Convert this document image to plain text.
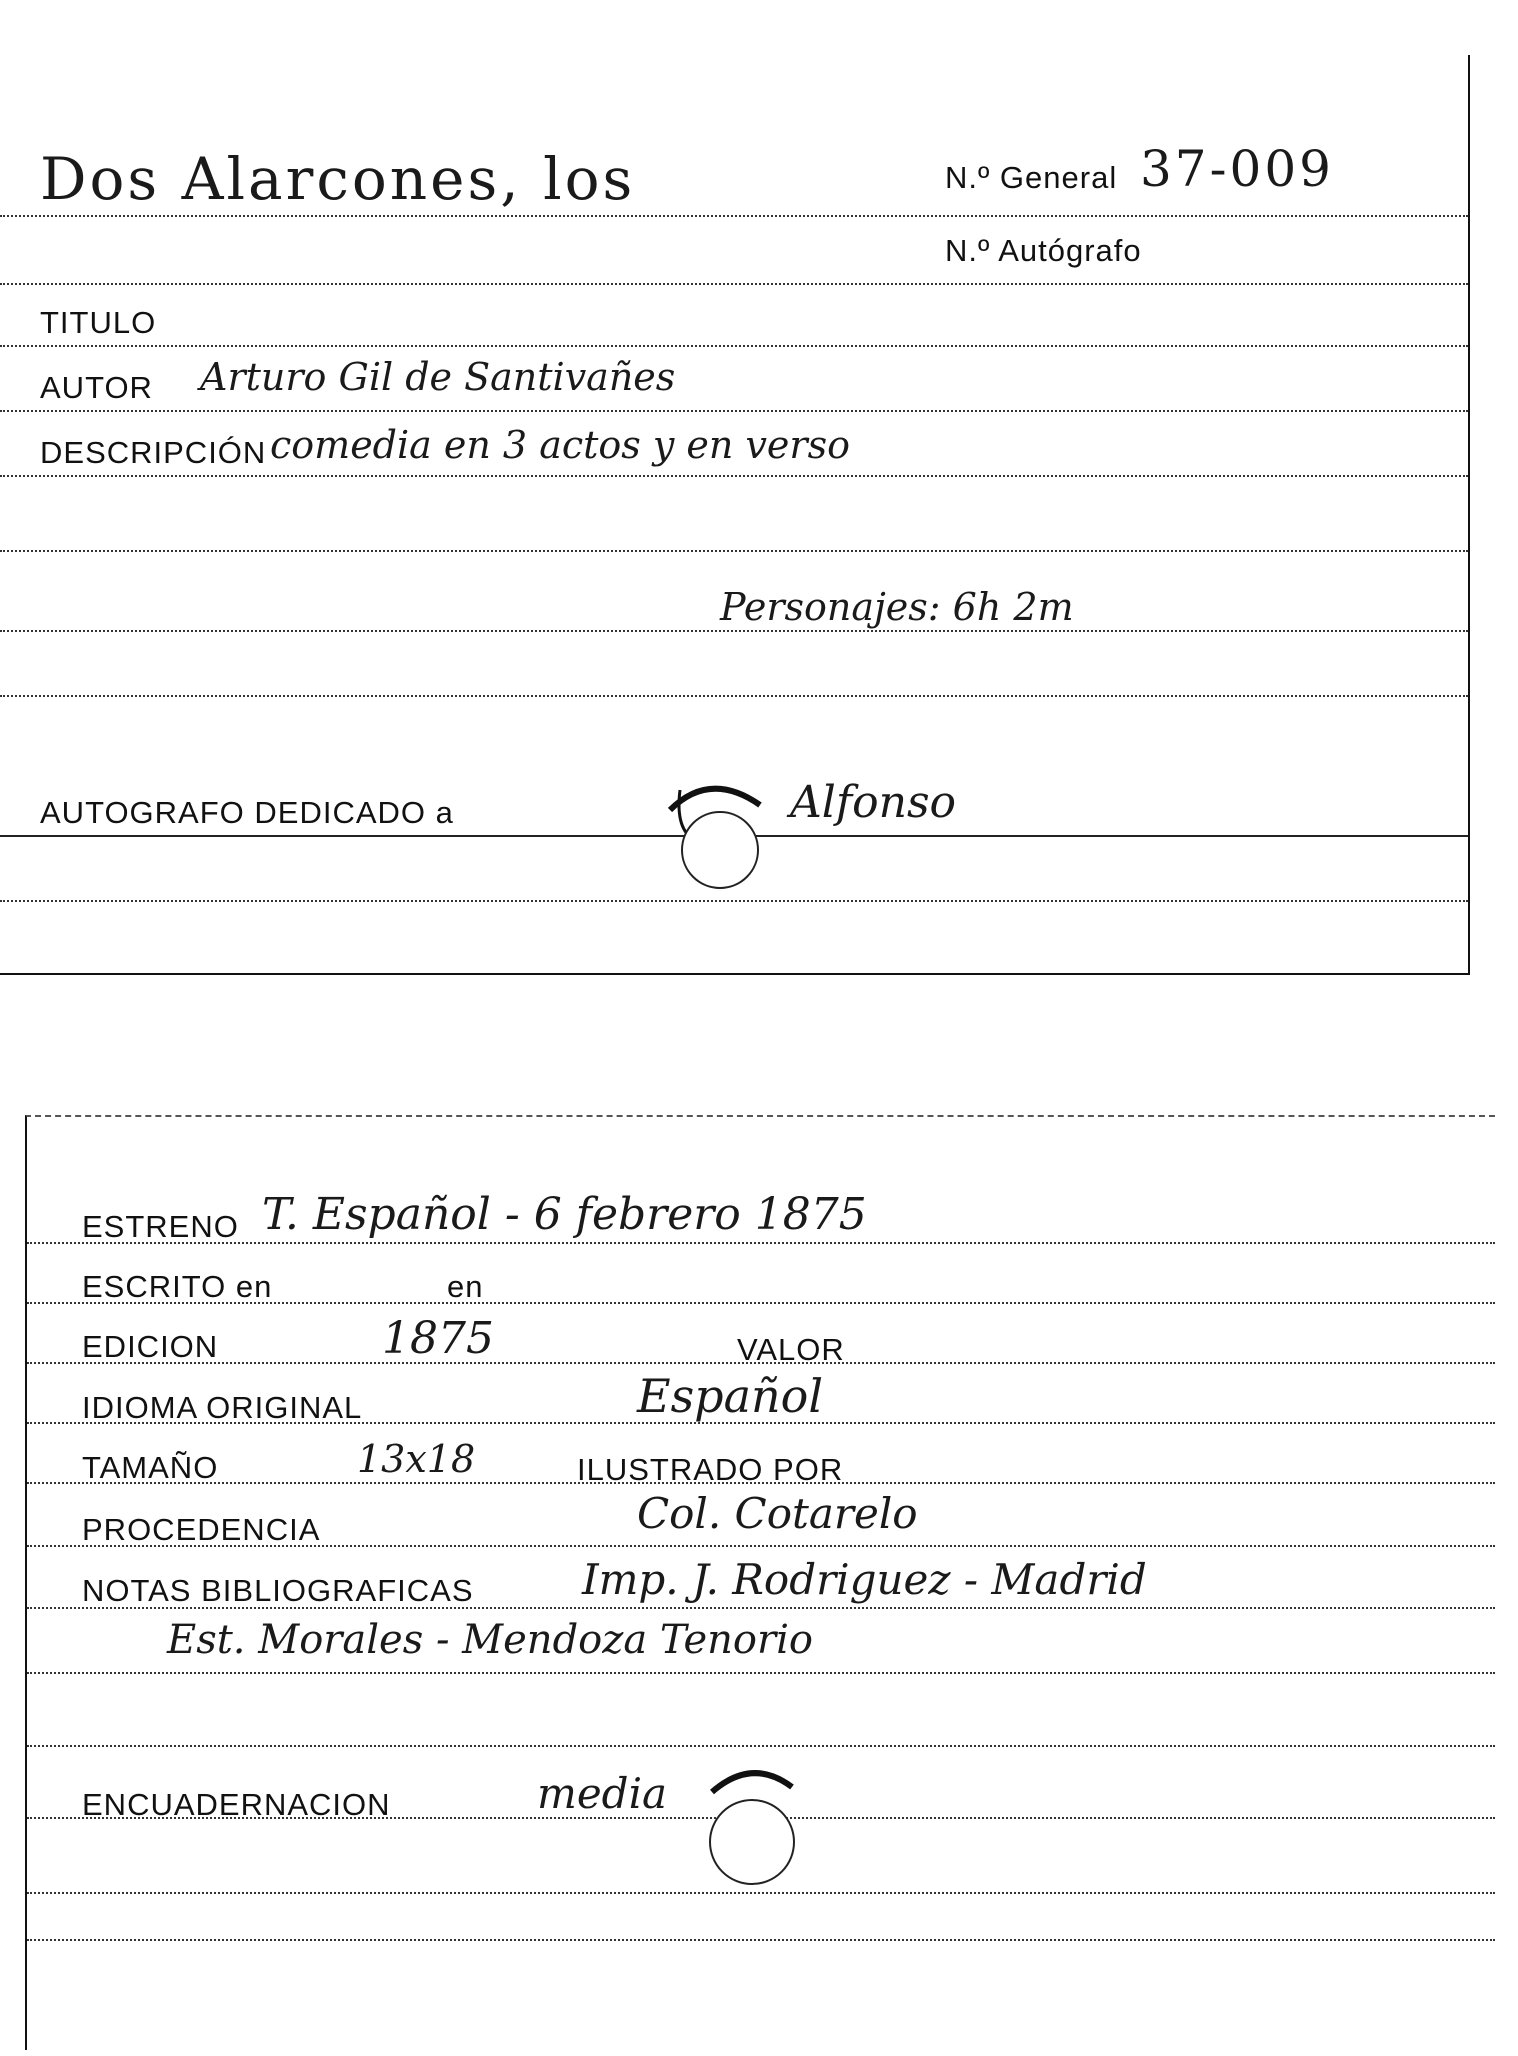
Dos Alarcones, los	N.º General 37-009
N.º Autógrafo
TITULO
AUTOR Arturo Gil de Santivañes
DESCRIPCIÓN comedia en 3 actos y en verso
Personajes: 6h 2m
AUTOGRAFO DEDICADO a	Alfonso
ESTRENO T. Español - 6 febrero 1875
ESCRITO en	en
EDICION	1875	VALOR
IDIOMA ORIGINAL	Español
TAMAÑO	13x18	ILUSTRADO POR
PROCEDENCIA	Col. Cotarelo
NOTAS BIBLIOGRAFICAS	Imp. J. Rodriguez - Madrid
Est. Morales - Mendoza Tenorio
ENCUADERNACION	media
